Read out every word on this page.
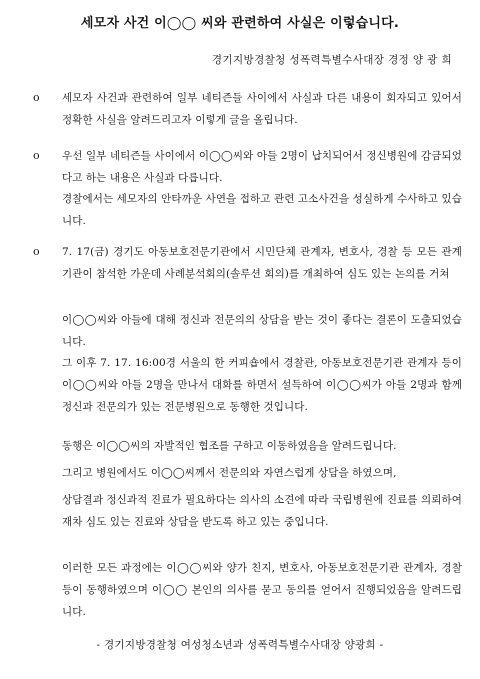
세모자 사건 이◯◯ 씨와 관련하여 사실은 이렇습니다.
경기지방경찰청 성폭력특별수사대장 경정 양 광 희
o 세모자 사건과 관련하여 일부 네티즌들 사이에서 사실과 다른 내용이 회자되고 있어서 정확한 사실을 알려드리고자 이렇게 글을 올립니다.
o 우선 일부 네티즌들 사이에서 이◯◯씨와 아들 2명이 납치되어서 정신병원에 감금되었다고 하는 내용은 사실과 다릅니다.
경찰에서는 세모자의 안타까운 사연을 접하고 관련 고소사건을 성실하게 수사하고 있습니다.
o 7. 17(금) 경기도 아동보호전문기관에서 시민단체 관계자, 변호사, 경찰 등 모든 관계기관이 참석한 가운데 사례분석회의(솔루션 회의)를 개최하여 심도 있는 논의를 거쳐
이◯◯씨와 아들에 대해 정신과 전문의의 상담을 받는 것이 좋다는 결론이 도출되었습니다.
그 이후 7. 17. 16:00경 서울의 한 커피숍에서 경찰관, 아동보호전문기관 관계자 등이 이◯◯씨와 아들 2명을 만나서 대화를 하면서 설득하여 이◯◯씨가 아들 2명과 함께 정신과 전문의가 있는 전문병원으로 동행한 것입니다.
동행은 이◯◯씨의 자발적인 협조를 구하고 이동하였음을 알려드립니다.
그리고 병원에서도 이◯◯씨께서 전문의와 자연스럽게 상담을 하였으며,
상담결과 정신과적 진료가 필요하다는 의사의 소견에 따라 국립병원에 진료를 의뢰하여 재차 심도 있는 진료와 상담을 받도록 하고 있는 중입니다.
이러한 모든 과정에는 이◯◯씨와 양가 친지, 변호사, 아동보호전문기관 관계자, 경찰 등이 동행하였으며 이◯◯ 본인의 의사를 묻고 동의를 얻어서 진행되었음을 알려드립니다.
- 경기지방경찰청 여성청소년과 성폭력특별수사대장 양광희 -
